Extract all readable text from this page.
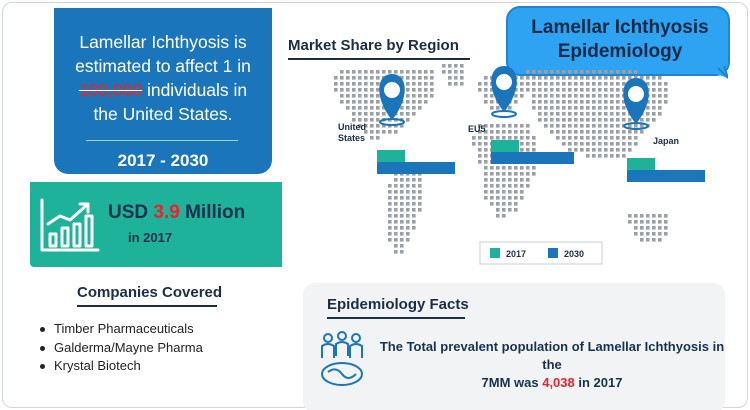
Lamellar Ichthyosis is
estimated to affect 1 in
100,000 individuals in
the United States.
2017 - 2030
USD 3.9 Million
in 2017
Lamellar Ichthyosis
Epidemiology
Market Share by Region
United States
EU5
Japan
2017	2030
Companies Covered
Timber Pharmaceuticals
Galderma/Mayne Pharma
Krystal Biotech
Epidemiology Facts
The Total prevalent population of Lamellar Ichthyosis in the
7MM was 4,038 in 2017
